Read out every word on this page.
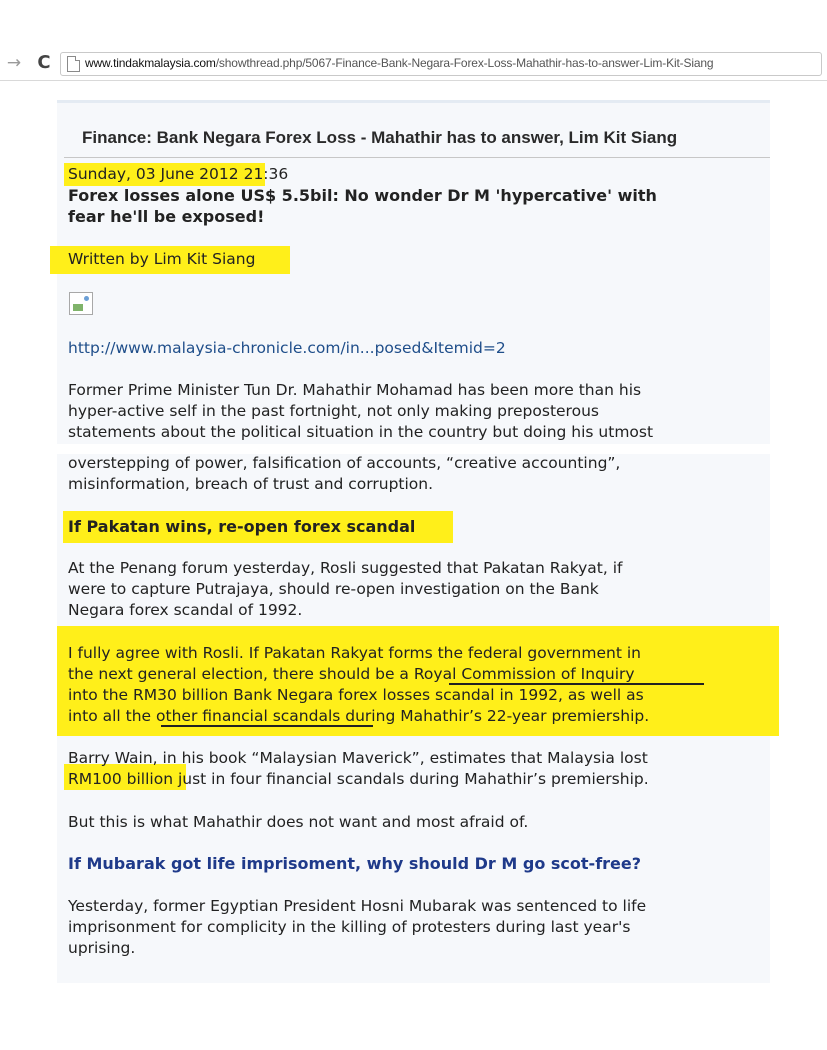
→ C	www.tindakmalaysia.com/showthread.php/5067-Finance-Bank-Negara-Forex-Loss-Mahathir-has-to-answer-Lim-Kit-Siang
Finance: Bank Negara Forex Loss - Mahathir has to answer, Lim Kit Siang
Sunday, 03 June 2012 21:36
Forex losses alone US$ 5.5bil: No wonder Dr M 'hypercative' with
fear he'll be exposed!
Written by Lim Kit Siang
http://www.malaysia-chronicle.com/in...posed&Itemid=2
Former Prime Minister Tun Dr. Mahathir Mohamad has been more than his
hyper-active self in the past fortnight, not only making preposterous
statements about the political situation in the country but doing his utmost
overstepping of power, falsification of accounts, “creative accounting”,
misinformation, breach of trust and corruption.
If Pakatan wins, re-open forex scandal
At the Penang forum yesterday, Rosli suggested that Pakatan Rakyat, if
were to capture Putrajaya, should re-open investigation on the Bank
Negara forex scandal of 1992.
I fully agree with Rosli. If Pakatan Rakyat forms the federal government in
the next general election, there should be a Royal Commission of Inquiry
into the RM30 billion Bank Negara forex losses scandal in 1992, as well as
into all the other financial scandals during Mahathir’s 22-year premiership.
Barry Wain, in his book “Malaysian Maverick”, estimates that Malaysia lost
RM100 billion just in four financial scandals during Mahathir’s premiership.
But this is what Mahathir does not want and most afraid of.
If Mubarak got life imprisoment, why should Dr M go scot-free?
Yesterday, former Egyptian President Hosni Mubarak was sentenced to life
imprisonment for complicity in the killing of protesters during last year's
uprising.
